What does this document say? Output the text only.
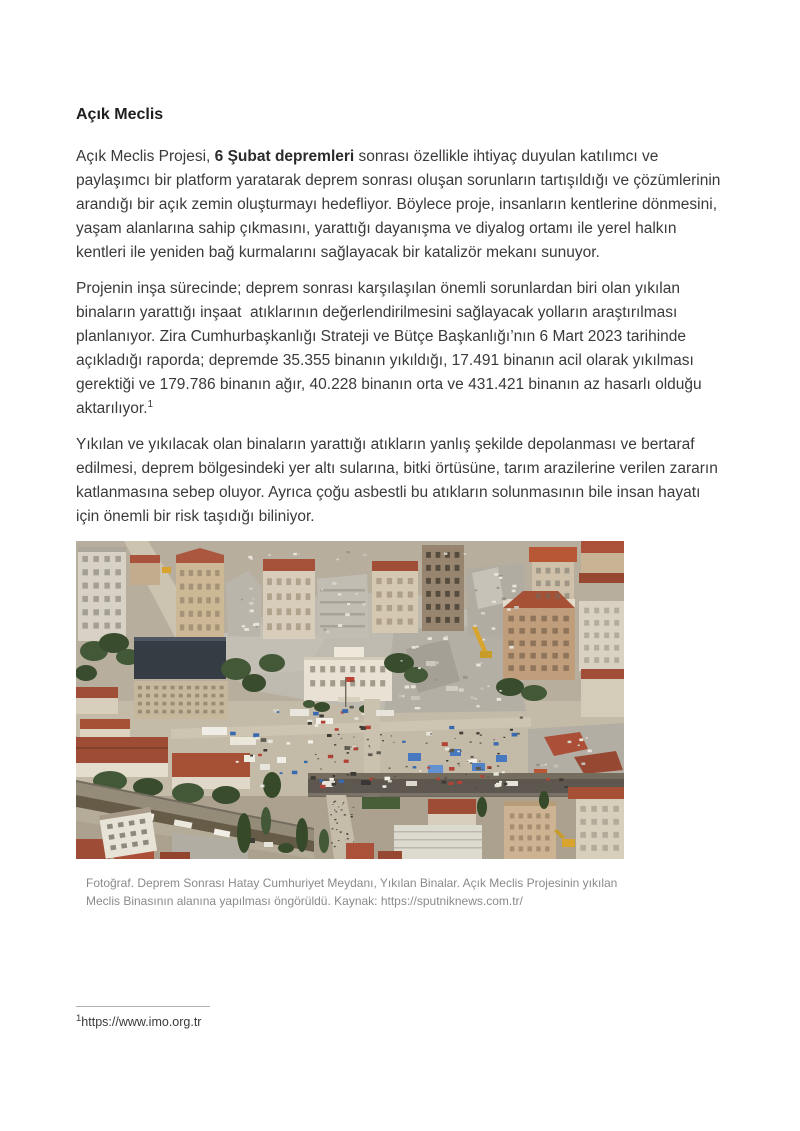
Açık Meclis

Açık Meclis Projesi, 6 Şubat depremleri sonrası özellikle ihtiyaç duyulan katılımcı ve paylaşımcı bir platform yaratarak deprem sonrası oluşan sorunların tartışıldığı ve çözümlerinin arandığı bir açık zemin oluşturmayı hedefliyor. Böylece proje, insanların kentlerine dönmesini, yaşam alanlarına sahip çıkmasını, yarattığı dayanışma ve diyalog ortamı ile yerel halkın kentleri ile yeniden bağ kurmalarını sağlayacak bir katalizör mekanı sunuyor.

Projenin inşa sürecinde; deprem sonrası karşılaşılan önemli sorunlardan biri olan yıkılan binaların yarattığı inşaat  atıklarının değerlendirilmesini sağlayacak yolların araştırılması planlanıyor. Zira Cumhurbaşkanlığı Strateji ve Bütçe Başkanlığı’nın 6 Mart 2023 tarihinde açıkladığı raporda; depremde 35.355 binanın yıkıldığı, 17.491 binanın acil olarak yıkılması gerektiği ve 179.786 binanın ağır, 40.228 binanın orta ve 431.421 binanın az hasarlı olduğu aktarılıyor.$^1$

Yıkılan ve yıkılacak olan binaların yarattığı atıkların yanlış şekilde depolanması ve bertaraf edilmesi, deprem bölgesindeki yer altı sularına, bitki örtüsüne, tarım arazilerine verilen zararın katlanmasına sebep oluyor. Ayrıca çoğu asbestli bu atıkların solunmasının bile insan hayatı için önemli bir risk taşıdığı biliniyor.

Fotoğraf. Deprem Sonrası Hatay Cumhuriyet Meydanı, Yıkılan Binalar. Açık Meclis Projesinin yıkılan Meclis Binasının alanına yapılması öngörüldü. Kaynak: https://sputniknews.com.tr/
$^1$https://www.imo.org.tr
